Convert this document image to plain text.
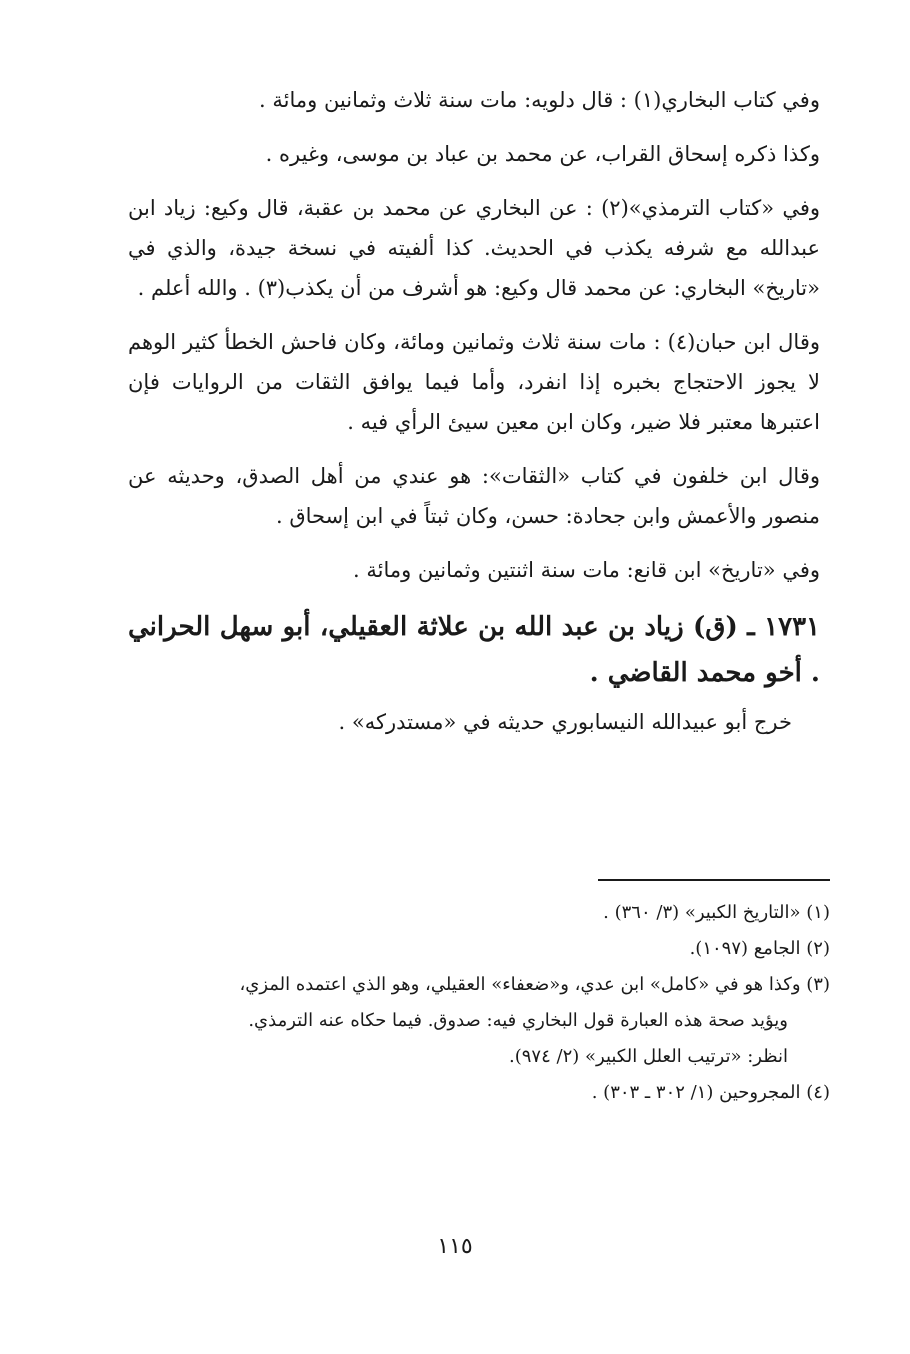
وفي كتاب البخاري(١) : قال دلويه: مات سنة ثلاث وثمانين ومائة .

وكذا ذكره إسحاق القراب، عن محمد بن عباد بن موسى، وغيره .

وفي «كتاب الترمذي»(٢) : عن البخاري عن محمد بن عقبة، قال وكيع: زياد ابن عبدالله مع شرفه يكذب في الحديث. كذا ألفيته في نسخة جيدة، والذي في «تاريخ» البخاري: عن محمد قال وكيع: هو أشرف من أن يكذب(٣) . والله أعلم .

وقال ابن حبان(٤) : مات سنة ثلاث وثمانين ومائة، وكان فاحش الخطأ كثير الوهم لا يجوز الاحتجاج بخبره إذا انفرد، وأما فيما يوافق الثقات من الروايات فإن اعتبرها معتبر فلا ضير، وكان ابن معين سيئ الرأي فيه .

وقال ابن خلفون في كتاب «الثقات»: هو عندي من أهل الصدق، وحديثه عن منصور والأعمش وابن جحادة: حسن، وكان ثبتاً في ابن إسحاق .

وفي «تاريخ» ابن قانع: مات سنة اثنتين وثمانين ومائة .

١٧٣١ ـ (ق) زياد بن عبد الله بن علاثة العقيلي، أبو سهل الحراني . أخو محمد القاضي .

خرج أبو عبيدالله النيسابوري حديثه في «مستدركه» .

(١) «التاريخ الكبير» (٣/ ٣٦٠) .

(٢) الجامع (١٠٩٧).

(٣) وكذا هو في «كامل» ابن عدي، و«ضعفاء» العقيلي، وهو الذي اعتمده المزي،

ويؤيد صحة هذه العبارة قول البخاري فيه: صدوق. فيما حكاه عنه الترمذي.

انظر: «ترتيب العلل الكبير» (٢/ ٩٧٤).

(٤) المجروحين (١/ ٣٠٢ ـ ٣٠٣) .

١١٥
